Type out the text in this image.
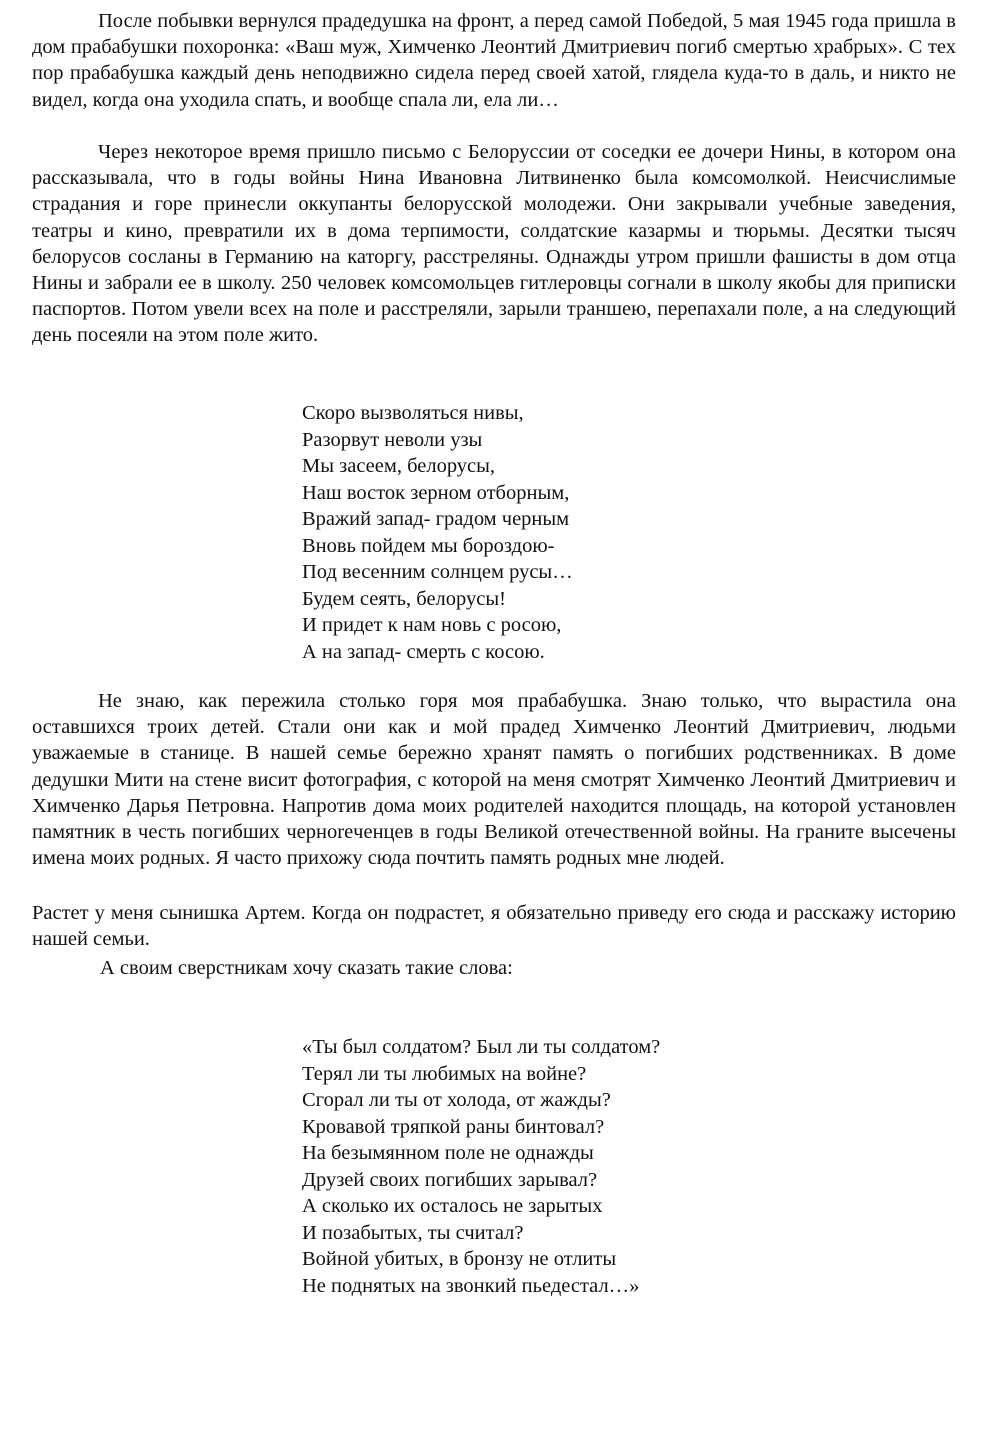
После побывки вернулся прадедушка на фронт, а перед самой Победой, 5 мая 1945 года пришла в дом прабабушки похоронка: «Ваш муж, Химченко Леонтий Дмитриевич погиб смертью храбрых». С тех пор прабабушка каждый день неподвижно сидела перед своей хатой, глядела куда-то в даль, и никто не видел, когда она уходила спать, и вообще спала ли, ела ли…

Через некоторое время пришло письмо с Белоруссии от соседки ее дочери Нины, в котором она рассказывала, что в годы войны Нина Ивановна Литвиненко была комсомолкой. Неисчислимые страдания и горе принесли оккупанты белорусской молодежи. Они закрывали учебные заведения, театры и кино, превратили их в дома терпимости, солдатские казармы и тюрьмы. Десятки тысяч белорусов сосланы в Германию на каторгу, расстреляны. Однажды утром пришли фашисты в дом отца Нины и забрали ее в школу. 250 человек комсомольцев гитлеровцы согнали в школу якобы для приписки паспортов. Потом увели всех на поле и расстреляли, зарыли траншею, перепахали поле, а на следующий день посеяли на этом поле жито.

Скоро вызволяться нивы,
Разорвут неволи узы
Мы засеем, белорусы,
Наш восток зерном отборным,
Вражий запад- градом черным
Вновь пойдем мы бороздою-
Под весенним солнцем русы…
Будем сеять, белорусы!
И придет к нам новь с росою,
А на запад- смерть с косою.

Не знаю, как пережила столько горя моя прабабушка. Знаю только, что вырастила она оставшихся троих детей. Стали они как и мой прадед Химченко Леонтий Дмитриевич, людьми уважаемые в станице. В нашей семье бережно хранят память о погибших родственниках. В доме дедушки Мити на стене висит фотография, с которой на меня смотрят Химченко Леонтий Дмитриевич и Химченко Дарья Петровна. Напротив дома моих родителей находится площадь, на которой установлен памятник в честь погибших черноreченцев в годы Великой отечественной войны. На граните высечены имена моих родных. Я часто прихожу сюда почтить память родных мне людей.

Растет у меня сынишка Артем. Когда он подрастет, я обязательно приведу его сюда и расскажу историю нашей семьи.

А своим сверстникам хочу сказать такие слова:

«Ты был солдатом? Был ли ты солдатом?
Терял ли ты любимых на войне?
Сгорал ли ты от холода, от жажды?
Кровавой тряпкой раны бинтовал?
На безымянном поле не однажды
Друзей своих погибших зарывал?
А сколько их осталось не зарытых
И позабытых, ты считал?
Войной убитых, в бронзу не отлиты
Не поднятых на звонкий пьедестал…»
